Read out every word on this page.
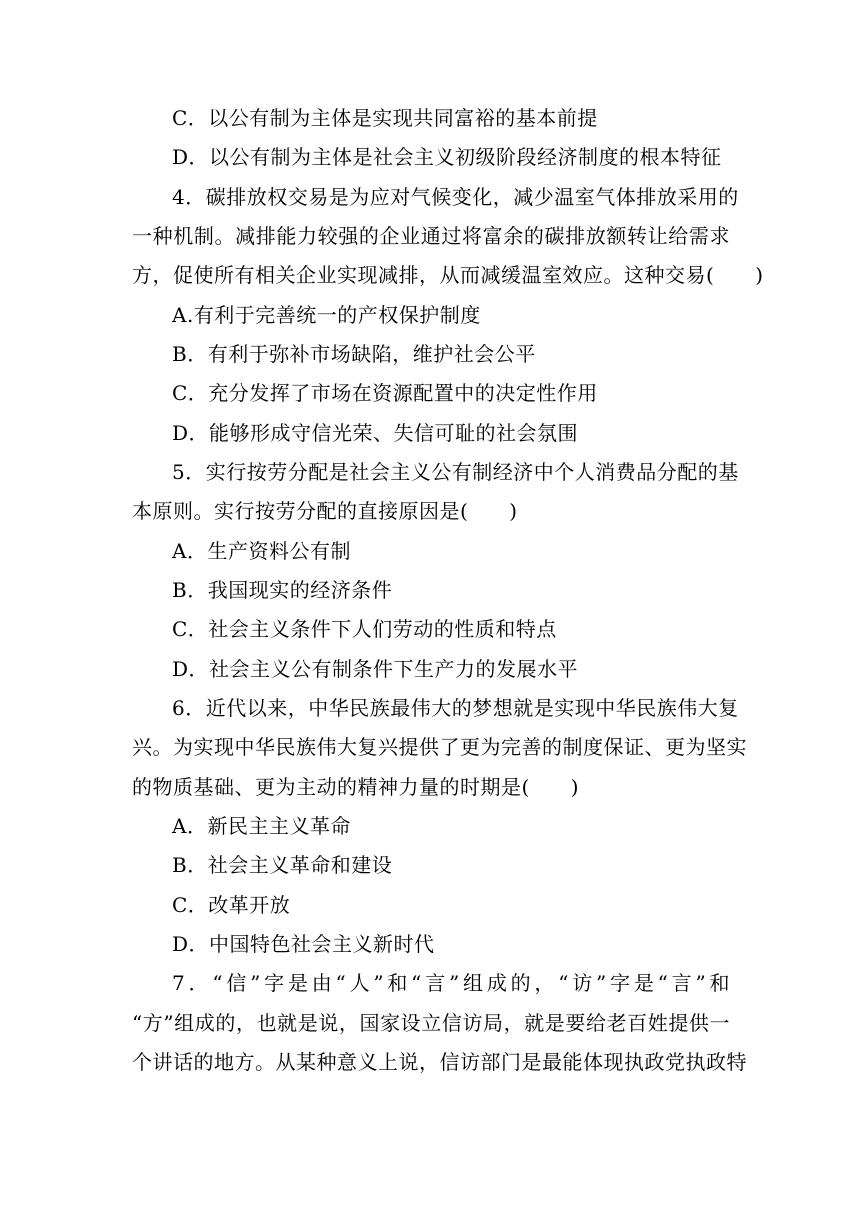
C．以公有制为主体是实现共同富裕的基本前提
D．以公有制为主体是社会主义初级阶段经济制度的根本特征
4．碳排放权交易是为应对气候变化，减少温室气体排放采用的
一种机制。减排能力较强的企业通过将富余的碳排放额转让给需求
方，促使所有相关企业实现减排，从而减缓温室效应。这种交易(　　)
A.有利于完善统一的产权保护制度
B．有利于弥补市场缺陷，维护社会公平
C．充分发挥了市场在资源配置中的决定性作用
D．能够形成守信光荣、失信可耻的社会氛围
5．实行按劳分配是社会主义公有制经济中个人消费品分配的基
本原则。实行按劳分配的直接原因是(　　)
A．生产资料公有制
B．我国现实的经济条件
C．社会主义条件下人们劳动的性质和特点
D．社会主义公有制条件下生产力的发展水平
6．近代以来，中华民族最伟大的梦想就是实现中华民族伟大复
兴。为实现中华民族伟大复兴提供了更为完善的制度保证、更为坚实
的物质基础、更为主动的精神力量的时期是(　　)
A．新民主主义革命
B．社会主义革命和建设
C．改革开放
D．中国特色社会主义新时代
7．“信”字是由“人”和“言”组成的，“访”字是“言”和
“方”组成的，也就是说，国家设立信访局，就是要给老百姓提供一
个讲话的地方。从某种意义上说，信访部门是最能体现执政党执政特
